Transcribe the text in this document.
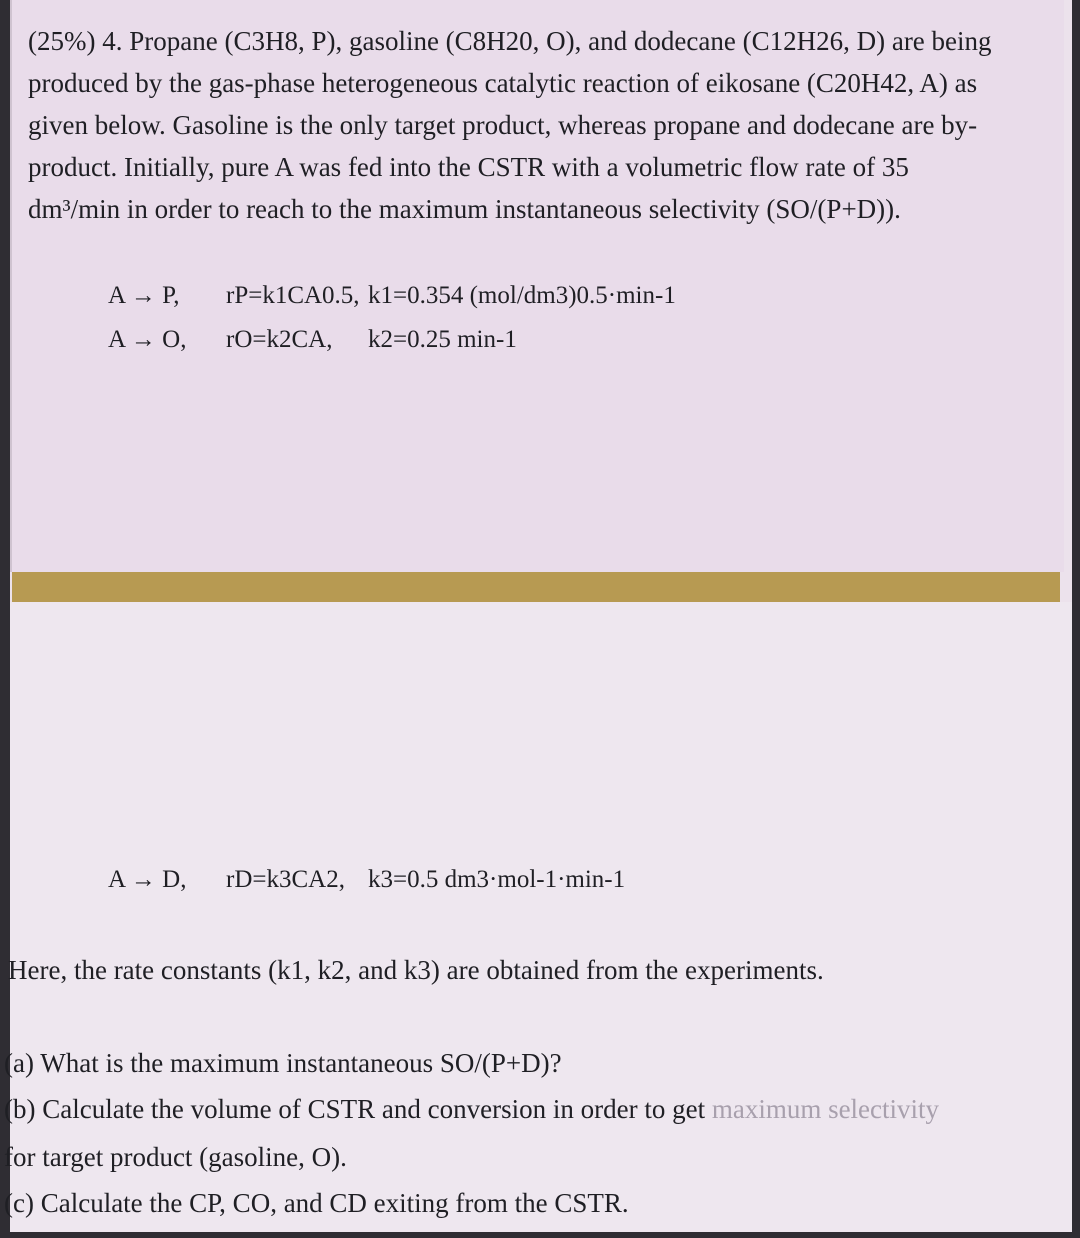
(25%) 4. Propane (C3H8, P), gasoline (C8H20, O), and dodecane (C12H26, D) are being
produced by the gas-phase heterogeneous catalytic reaction of eikosane (C20H42, A) as
given below. Gasoline is the only target product, whereas propane and dodecane are by-
product. Initially, pure A was fed into the CSTR with a volumetric flow rate of 35
dm³/min in order to reach to the maximum instantaneous selectivity (SO/(P+D)).
A → P, rP=k1CA0.5, k1=0.354 (mol/dm3)0.5·min-1
A → O, rO=k2CA, k2=0.25 min-1
A → D, rD=k3CA2, k3=0.5 dm3·mol-1·min-1
Here, the rate constants (k1, k2, and k3) are obtained from the experiments.
(a) What is the maximum instantaneous SO/(P+D)?
(b) Calculate the volume of CSTR and conversion in order to get maximum selectivity
for target product (gasoline, O).
(c) Calculate the CP, CO, and CD exiting from the CSTR.
